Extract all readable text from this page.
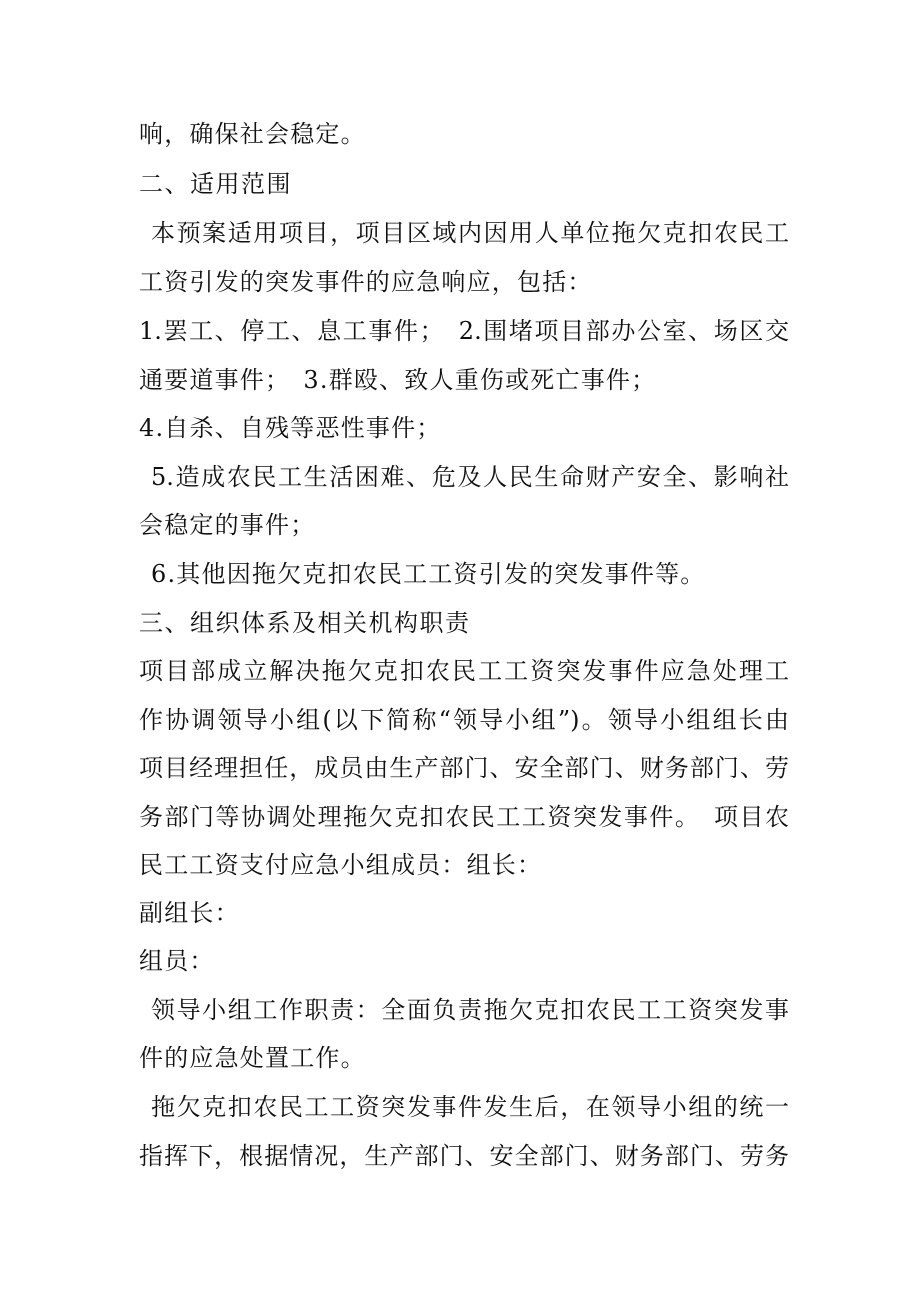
响，确保社会稳定。
二、适用范围
本预案适用项目，项目区域内因用人单位拖欠克扣农民工
工资引发的突发事件的应急响应，包括：
1.罢工、停工、息工事件；　2.围堵项目部办公室、场区交
通要道事件；　3.群殴、致人重伤或死亡事件；
4.自杀、自残等恶性事件；
5.造成农民工生活困难、危及人民生命财产安全、影响社
会稳定的事件；
6.其他因拖欠克扣农民工工资引发的突发事件等。
三、组织体系及相关机构职责
项目部成立解决拖欠克扣农民工工资突发事件应急处理工
作协调领导小组(以下简称“领导小组”)。领导小组组长由
项目经理担任，成员由生产部门、安全部门、财务部门、劳
务部门等协调处理拖欠克扣农民工工资突发事件。　项目农
民工工资支付应急小组成员：组长：
副组长：
组员：
领导小组工作职责：全面负责拖欠克扣农民工工资突发事
件的应急处置工作。
拖欠克扣农民工工资突发事件发生后，在领导小组的统一
指挥下，根据情况，生产部门、安全部门、财务部门、劳务
